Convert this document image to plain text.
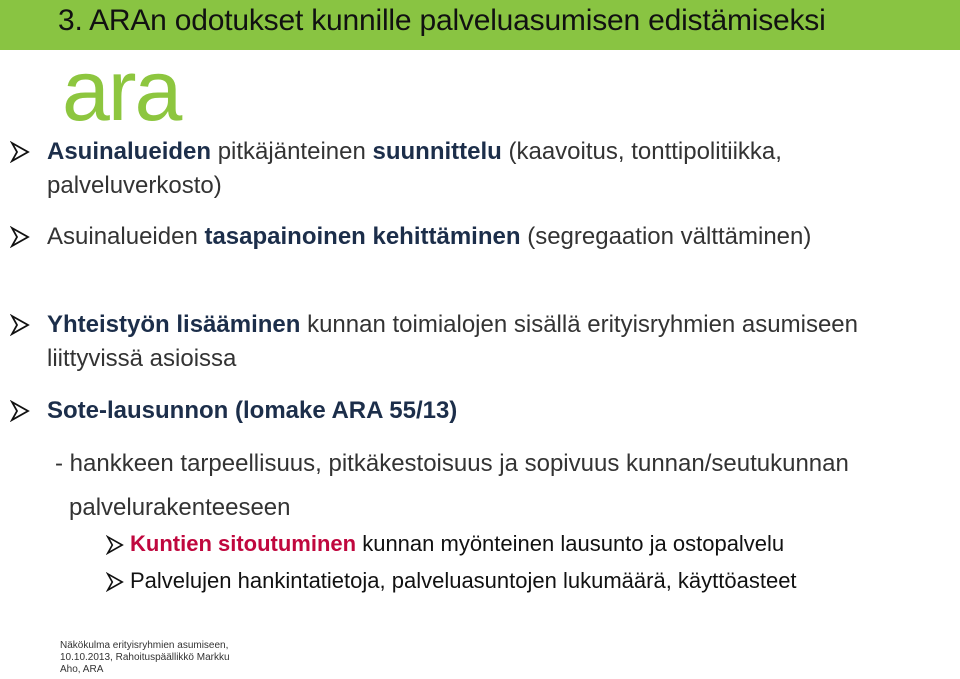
3. ARAn odotukset kunnille palveluasumisen edistämiseksi
ara
Asuinalueiden pitkäjänteinen suunnittelu (kaavoitus, tonttipolitiikka,
palveluverkosto)
Asuinalueiden tasapainoinen kehittäminen (segregaation välttäminen)
Yhteistyön lisääminen kunnan toimialojen sisällä erityisryhmien asumiseen
liittyvissä asioissa
Sote-lausunnon (lomake ARA 55/13)
- hankkeen tarpeellisuus, pitkäkestoisuus ja sopivuus kunnan/seutukunnan
palvelurakenteeseen
Kuntien sitoutuminen kunnan myönteinen lausunto ja ostopalvelu
Palvelujen hankintatietoja, palveluasuntojen lukumäärä, käyttöasteet
Näkökulma erityisryhmien asumiseen, 10.10.2013, Rahoituspäällikkö Markku Aho, ARA
